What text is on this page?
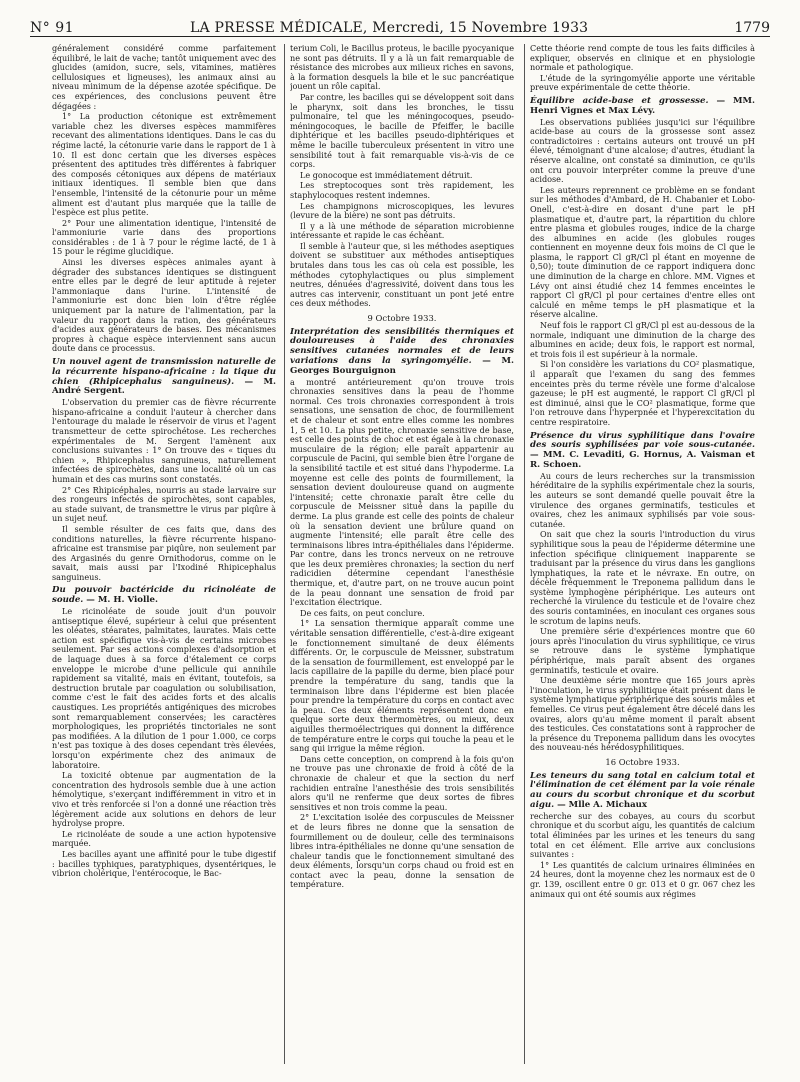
N° 91	LA PRESSE MÉDICALE, Mercredi, 15 Novembre 1933	1779

généralement considéré comme parfaitement équilibré, le lait de vache; tantôt uniquement avec des glucides (amidon, sucre, sels, vitamines, matières cellulosiques et ligneuses), les animaux ainsi au niveau minimum de la dépense azotée spécifique. De ces expériences, des conclusions peuvent être dégagées :

1° La production cétonique est extrêmement variable chez les diverses espèces mammifères recevant des alimentations identiques. Dans le cas du régime lacté, la cétonurie varie dans le rapport de 1 à 10. Il est donc certain que les diverses espèces présentent des aptitudes très différentes à fabriquer des composés cétoniques aux dépens de matériaux initiaux identiques. Il semble bien que dans l'ensemble, l'intensité de la cétonurie pour un même aliment est d'autant plus marquée que la taille de l'espèce est plus petite.

2° Pour une alimentation identique, l'intensité de l'ammoniurie varie dans des proportions considérables : de 1 à 7 pour le régime lacté, de 1 à 15 pour le régime glucidique.

Ainsi les diverses espèces animales ayant à dégrader des substances identiques se distinguent entre elles par le degré de leur aptitude à rejeter l'ammoniaque dans l'urine. L'intensité de l'ammoniurie est donc bien loin d'être réglée uniquement par la nature de l'alimentation, par la valeur du rapport dans la ration, des générateurs d'acides aux générateurs de bases. Des mécanismes propres à chaque espèce interviennent sans aucun doute dans ce processus.

Un nouvel agent de transmission naturelle de la récurrente hispano-africaine : la tique du chien (Rhipicephalus sanguineus). — M. André Sergent.

L'observation du premier cas de fièvre récurrente hispano-africaine a conduit l'auteur à chercher dans l'entourage du malade le réservoir de virus et l'agent transmetteur de cette spirochétose. Les recherches expérimentales de M. Sergent l'amènent aux conclusions suivantes : 1° On trouve des « tiques du chien », Rhipicephalus sanguineus, naturellement infectées de spirochètes, dans une localité où un cas humain et des cas murins sont constatés.

2° Ces Rhipicéphales, nourris au stade larvaire sur des rongeurs infectés de spirochètes, sont capables, au stade suivant, de transmettre le virus par piqûre à un sujet neuf.

Il semble résulter de ces faits que, dans des conditions naturelles, la fièvre récurrente hispano-africaine est transmise par piqûre, non seulement par des Argasinés du genre Ornithodorus, comme on le savait, mais aussi par l'Ixodiné Rhipicephalus sanguineus.

Du pouvoir bactéricide du ricinoléate de soude. — M. H. Violle.

Le ricinoléate de soude jouit d'un pouvoir antiseptique élevé, supérieur à celui que présentent les oléates, stéarates, palmitates, laurates. Mais cette action est spécifique vis-à-vis de certains microbes seulement. Par ses actions complexes d'adsorption et de laquage dues à sa force d'étalement ce corps enveloppe le microbe d'une pellicule qui annihile rapidement sa vitalité, mais en évitant, toutefois, sa destruction brutale par coagulation ou solubilisation, comme c'est le fait des acides forts et des alcalis caustiques. Les propriétés antigéniques des microbes sont remarquablement conservées; les caractères morphologiques, les propriétés tinctoriales ne sont pas modifiées. A la dilution de 1 pour 1.000, ce corps n'est pas toxique à des doses cependant très élevées, lorsqu'on expérimente chez des animaux de laboratoire.

La toxicité obtenue par augmentation de la concentration des hydrosols semble due à une action hémolytique, s'exerçant indifféremment in vitro et in vivo et très renforcée si l'on a donné une réaction très légèrement acide aux solutions en dehors de leur hydrolyse propre.

Le ricinoléate de soude a une action hypotensive marquée.

Les bacilles ayant une affinité pour le tube digestif : bacilles typhiques, paratyphiques, dysentériques, le vibrion cholérique, l'entérocoque, le Bac-

terium Coli, le Bacillus proteus, le bacille pyocyanique ne sont pas détruits. Il y a là un fait remarquable de résistance des microbes aux milieux riches en savons, à la formation desquels la bile et le suc pancréatique jouent un rôle capital.

Par contre, les bacilles qui se développent soit dans le pharynx, soit dans les bronches, le tissu pulmonaire, tel que les méningocoques, pseudo-méningocoques, le bacille de Pfeiffer, le bacille diphtérique et les bacilles pseudo-diphtériques et même le bacille tuberculeux présentent in vitro une sensibilité tout à fait remarquable vis-à-vis de ce corps.

Le gonocoque est immédiatement détruit.

Les streptocoques sont très rapidement, les staphylocoques restent indemnes.

Les champignons microscopiques, les levures (levure de la bière) ne sont pas détruits.

Il y a là une méthode de séparation microbienne intéressante et rapide le cas échéant.

Il semble à l'auteur que, si les méthodes aseptiques doivent se substituer aux méthodes antiseptiques brutales dans tous les cas où cela est possible, les méthodes cytophylactiques ou plus simplement neutres, dénuées d'agressivité, doivent dans tous les autres cas intervenir, constituant un pont jeté entre ces deux méthodes.

9 Octobre 1933.
Interprétation des sensibilités thermiques et douloureuses à l'aide des chronaxies sensitives cutanées normales et de leurs variations dans la syringomyélie. — M. Georges Bourguignon

a montré antérieurement qu'on trouve trois chronaxies sensitives dans la peau de l'homme normal. Ces trois chronaxies correspondent à trois sensations, une sensation de choc, de fourmillement et de chaleur et sont entre elles comme les nombres 1, 5 et 10. La plus petite, chronaxie sensitive de base, est celle des points de choc et est égale à la chronaxie musculaire de la région; elle paraît appartenir au corpuscule de Pacini, qui semble bien être l'organe de la sensibilité tactile et est situé dans l'hypoderme. La moyenne est celle des points de fourmillement, la sensation devient douloureuse quand on augmente l'intensité; cette chronaxie paraît être celle du corpuscule de Meissner situé dans la papille du derme. La plus grande est celle des points de chaleur où la sensation devient une brûlure quand on augmente l'intensité; elle paraît être celle des terminaisons libres intra-épithéliales dans l'épiderme. Par contre, dans les troncs nerveux on ne retrouve que les deux premières chronaxies; la section du nerf radicidien détermine cependant l'anesthésie thermique, et, d'autre part, on ne trouve aucun point de la peau donnant une sensation de froid par l'excitation électrique.

De ces faits, on peut conclure.

1° La sensation thermique apparaît comme une véritable sensation différentielle, c'est-à-dire exigeant le fonctionnement simultané de deux éléments différents. Or, le corpuscule de Meissner, substratum de la sensation de fourmillement, est enveloppé par le lacis capillaire de la papille du derme, bien placé pour prendre la température du sang, tandis que la terminaison libre dans l'épiderme est bien placée pour prendre la température du corps en contact avec la peau. Ces deux éléments représentent donc en quelque sorte deux thermomètres, ou mieux, deux aiguilles thermoélectriques qui donnent la différence de température entre le corps qui touche la peau et le sang qui irrigue la même région.

Dans cette conception, on comprend à la fois qu'on ne trouve pas une chronaxie de froid à côté de la chronaxie de chaleur et que la section du nerf rachidien entraîne l'anesthésie des trois sensibilités alors qu'il ne renferme que deux sortes de fibres sensitives et non trois comme la peau.

2° L'excitation isolée des corpuscules de Meissner et de leurs fibres ne donne que la sensation de fourmillement ou de douleur, celle des terminaisons libres intra-épithéliales ne donne qu'une sensation de chaleur tandis que le fonctionnement simultané des deux éléments, lorsqu'un corps chaud ou froid est en contact avec la peau, donne la sensation de température.

Cette théorie rend compte de tous les faits difficiles à expliquer, observés en clinique et en physiologie normale et pathologique.

L'étude de la syringomyélie apporte une véritable preuve expérimentale de cette théorie.

Équilibre acide-base et grossesse. — MM. Henri Vignes et Max Lévy.

Les observations publiées jusqu'ici sur l'équilibre acide-base au cours de la grossesse sont assez contradictoires : certains auteurs ont trouvé un pH élevé, témoignant d'une alcalose; d'autres, étudiant la réserve alcaline, ont constaté sa diminution, ce qu'ils ont cru pouvoir interpréter comme la preuve d'une acidose.

Les auteurs reprennent ce problème en se fondant sur les méthodes d'Ambard, de H. Chabanier et Lobo-Onell, c'est-à-dire en dosant d'une part le pH plasmatique et, d'autre part, la répartition du chlore entre plasma et globules rouges, indice de la charge des albumines en acide (les globules rouges contiennent en moyenne deux fois moins de Cl que le plasma, le rapport Cl gR/Cl pl étant en moyenne de 0,50); toute diminution de ce rapport indiquera donc une diminution de la charge en chlore. MM. Vignes et Lévy ont ainsi étudié chez 14 femmes enceintes le rapport Cl gR/Cl pl pour certaines d'entre elles ont calculé en même temps le pH plasmatique et la réserve alcaline.

Neuf fois le rapport Cl gR/Cl pl est au-dessous de la normale, indiquant une diminution de la charge des albumines en acide; deux fois, le rapport est normal, et trois fois il est supérieur à la normale.

Si l'on considère les variations du CO² plasmatique, il apparaît que l'examen du sang des femmes enceintes près du terme révèle une forme d'alcalose gazeuse; le pH est augmenté, le rapport Cl gR/Cl pl est diminué, ainsi que le CO² plasmatique, forme que l'on retrouve dans l'hyperpnée et l'hyperexcitation du centre respiratoire.

Présence du virus syphilitique dans l'ovaire des souris syphilisées par voie sous-cutanée. — MM. C. Levaditi, G. Hornus, A. Vaisman et R. Schoen.

Au cours de leurs recherches sur la transmission héréditaire de la syphilis expérimentale chez la souris, les auteurs se sont demandé quelle pouvait être la virulence des organes germinatifs, testicules et ovaires, chez les animaux syphilisés par voie sous-cutanée.

On sait que chez la souris l'introduction du virus syphilitique sous la peau de l'épiderme détermine une infection spécifique cliniquement inapparente se traduisant par la présence du virus dans les ganglions lymphatiques, la rate et le névraxe. En outre, on décèle fréquemment le Treponema pallidum dans le système lymphogène périphérique. Les auteurs ont recherché la virulence du testicule et de l'ovaire chez des souris contaminées, en inoculant ces organes sous le scrotum de lapins neufs.

Une première série d'expériences montre que 60 jours après l'inoculation du virus syphilitique, ce virus se retrouve dans le système lymphatique périphérique, mais paraît absent des organes germinatifs, testicule et ovaire.

Une deuxième série montre que 165 jours après l'inoculation, le virus syphilitique était présent dans le système lymphatique périphérique des souris mâles et femelles. Ce virus peut également être décelé dans les ovaires, alors qu'au même moment il paraît absent des testicules. Ces constatations sont à rapprocher de la présence du Treponema pallidum dans les ovocytes des nouveau-nés hérédosyphilitiques.

16 Octobre 1933.
Les teneurs du sang total en calcium total et l'élimination de cet élément par la voie rénale au cours du scorbut chronique et du scorbut aigu. — Mlle A. Michaux

recherche sur des cobayes, au cours du scorbut chronique et du scorbut aigu, les quantités de calcium total éliminées par les urines et les teneurs du sang total en cet élément. Elle arrive aux conclusions suivantes :

1° Les quantités de calcium urinaires éliminées en 24 heures, dont la moyenne chez les normaux est de 0 gr. 139, oscillent entre 0 gr. 013 et 0 gr. 067 chez les animaux qui ont été soumis aux régimes
